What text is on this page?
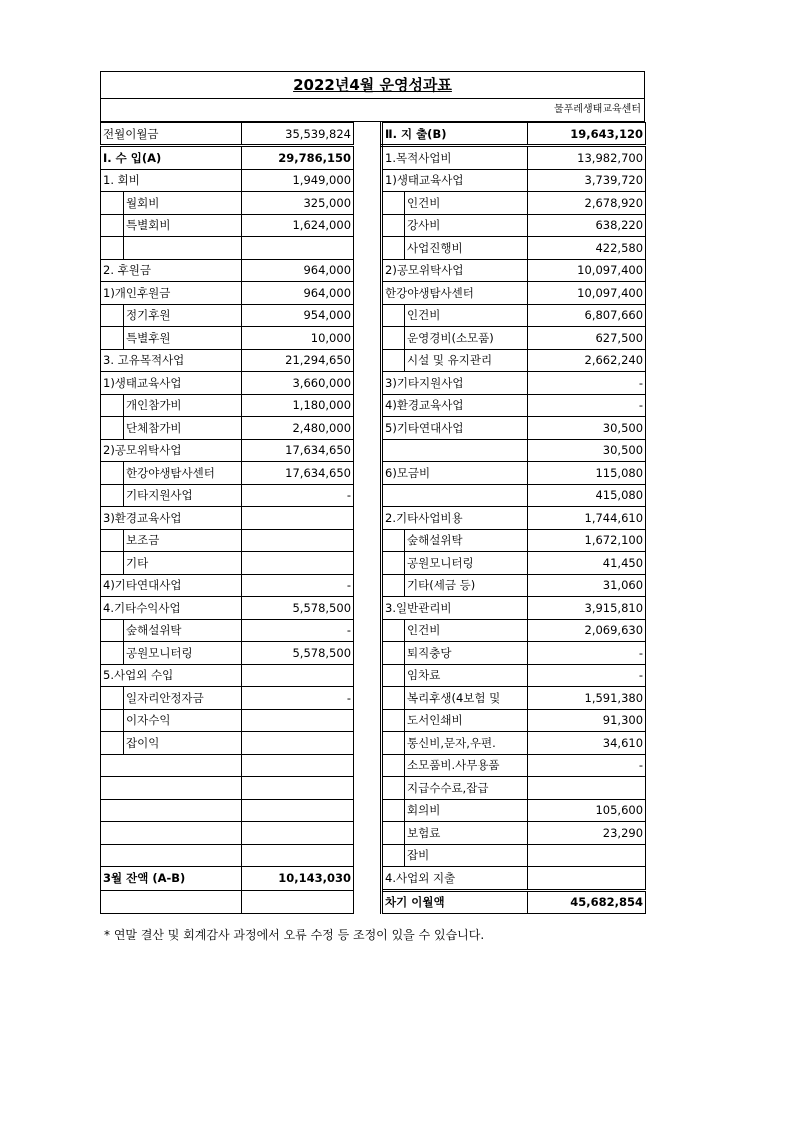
2022년4월 운영성과표
물푸레생태교육센터
전월이월금		35,539,824		Ⅱ. 지 출(B)		19,643,120
Ⅰ. 수 입(A)		29,786,150		1.목적사업비		13,982,700
1. 회비		1,949,000		1)생태교육사업		3,739,720
	월회비	325,000			인건비	2,678,920
	특별회비	1,624,000			강사비	638,220
					사업진행비	422,580
2. 후원금		964,000		2)공모위탁사업		10,097,400
1)개인후원금		964,000		한강야생탐사센터		10,097,400
	정기후원	954,000			인건비	6,807,660
	특별후원	10,000			운영경비(소모품)	627,500
3. 고유목적사업		21,294,650			시설 및 유지관리	2,662,240
1)생태교육사업		3,660,000		3)기타지원사업		-
	개인참가비	1,180,000		4)환경교육사업		-
	단체참가비	2,480,000		5)기타연대사업		30,500
2)공모위탁사업		17,634,650				30,500
	한강야생탐사센터	17,634,650		6)모금비		115,080
	기타지원사업	-				415,080
3)환경교육사업				2.기타사업비용		1,744,610
	보조금				숲해설위탁	1,672,100
	기타				공원모니터링	41,450
4)기타연대사업		-			기타(세금 등)	31,060
4.기타수익사업		5,578,500		3.일반관리비		3,915,810
	숲해설위탁	-			인건비	2,069,630
	공원모니터링	5,578,500			퇴직충당	-
5.사업외 수입					임차료	-
	일자리안정자금	-			복리후생(4보험 및	1,591,380
	이자수익				도서인쇄비	91,300
	잡이익				통신비,문자,우편.	34,610
					소모품비.사무용품	-
					지급수수료,잡급	
					회의비	105,600
					보험료	23,290
					잡비	
3월 잔액 (A-B)		10,143,030		4.사업외 지출		
				차기 이월액		45,682,854
* 연말 결산 및 회계감사 과정에서 오류 수정 등 조정이 있을 수 있습니다.
